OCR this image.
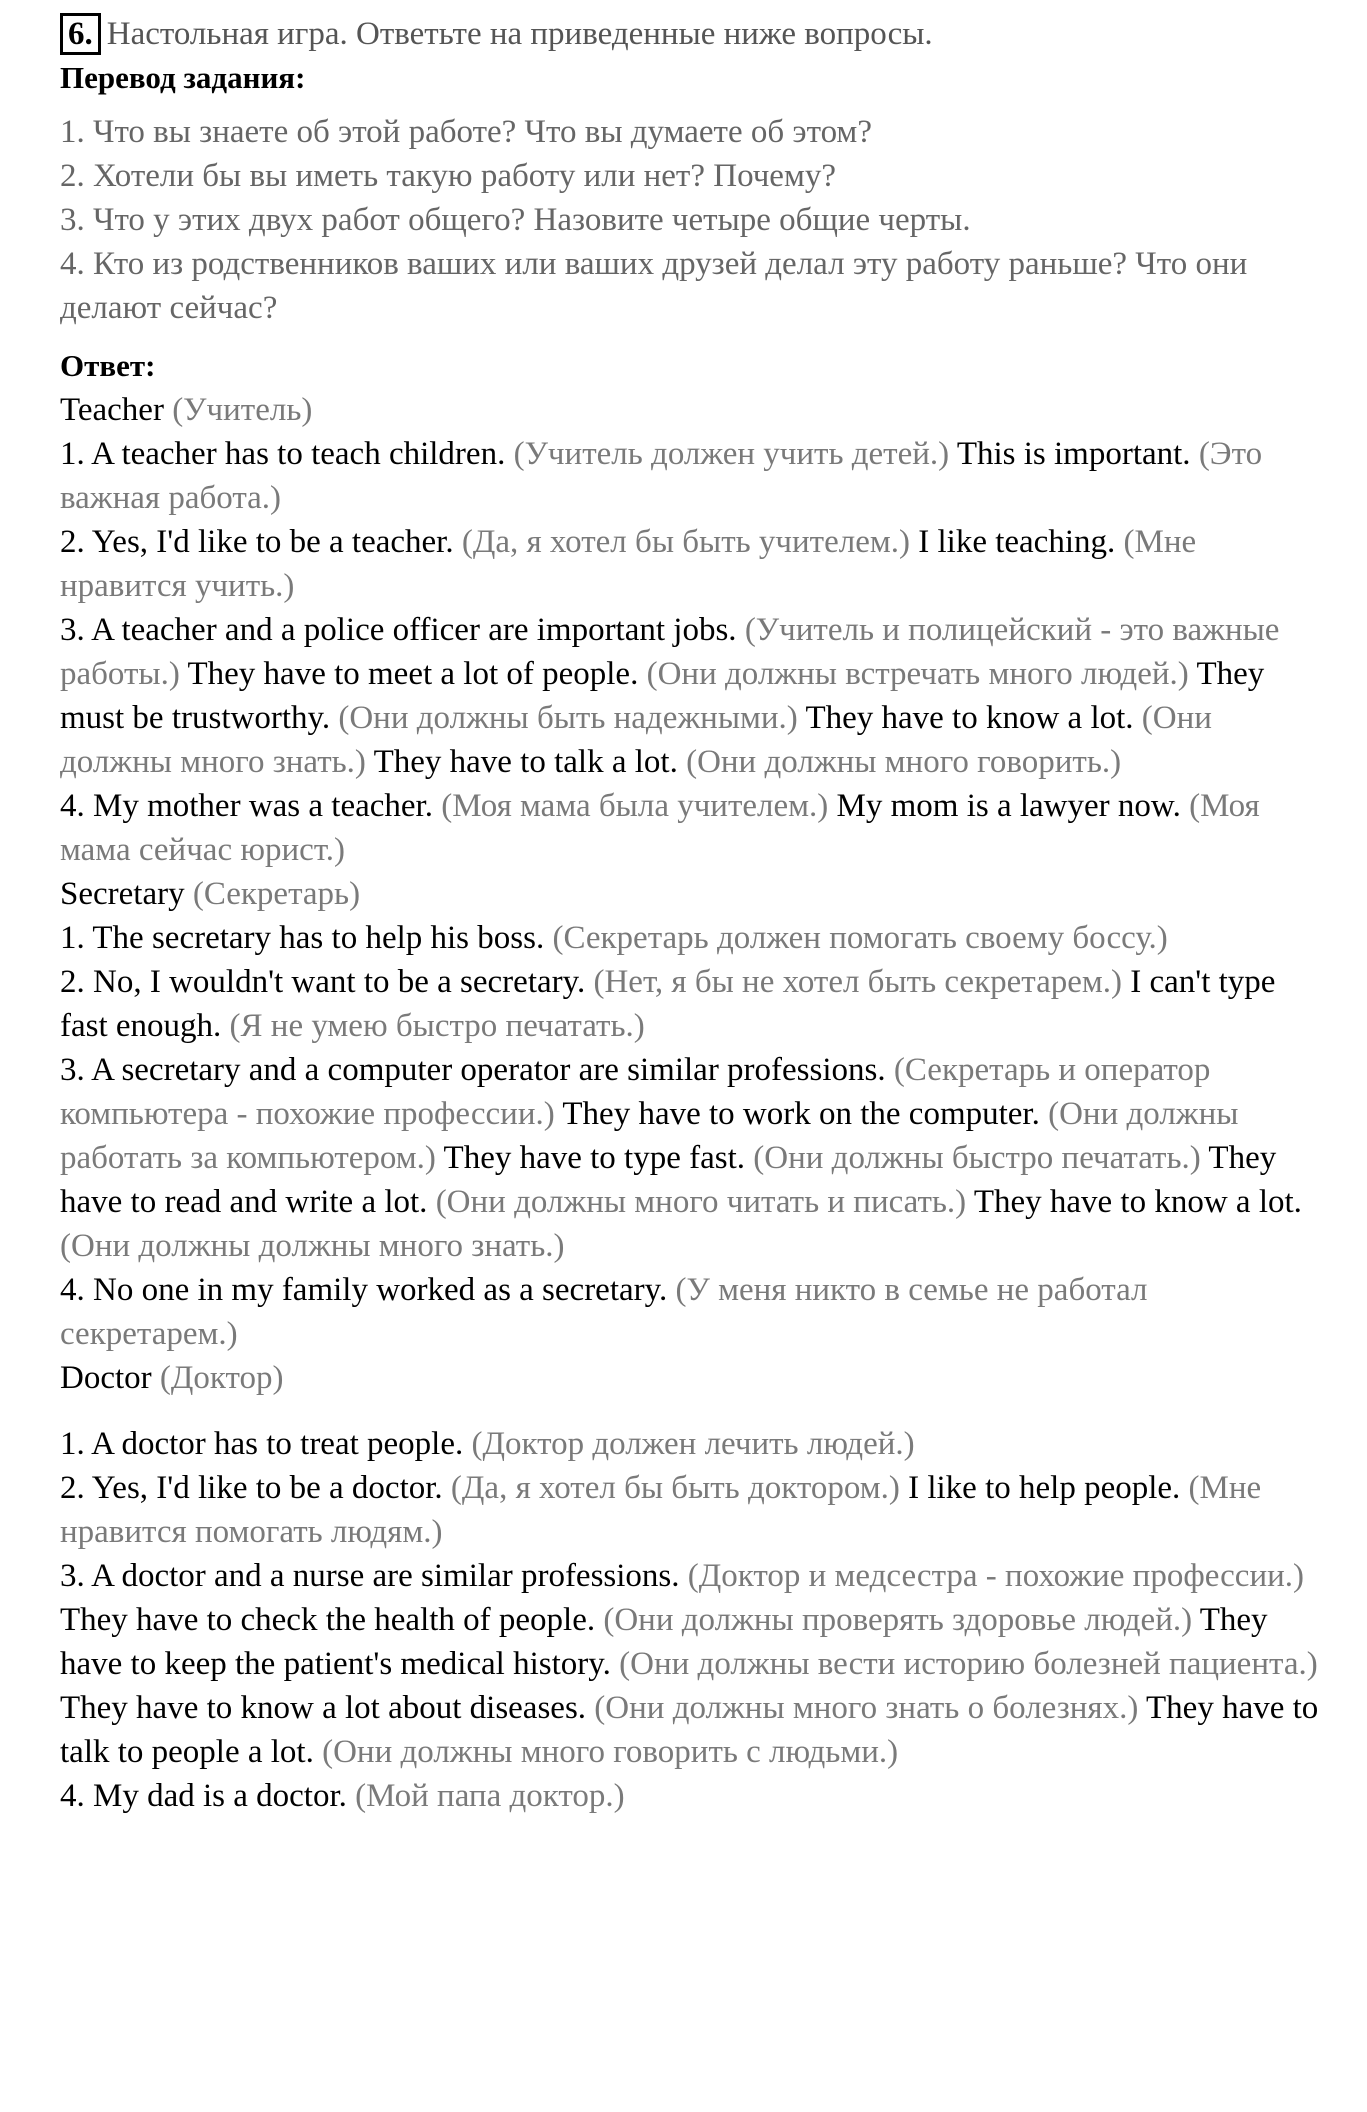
6. Настольная игра. Ответьте на приведенные ниже вопросы.
Перевод задания:
1. Что вы знаете об этой работе? Что вы думаете об этом?
2. Хотели бы вы иметь такую работу или нет? Почему?
3. Что у этих двух работ общего? Назовите четыре общие черты.
4. Кто из родственников ваших или ваших друзей делал эту работу раньше? Что они делают сейчас?
Ответ:

Teacher (Учитель)

1. A teacher has to teach children. (Учитель должен учить детей.) This is important. (Это важная работа.)

2. Yes, I'd like to be a teacher. (Да, я хотел бы быть учителем.) I like teaching. (Мне нравится учить.)

3. A teacher and a police officer are important jobs. (Учитель и полицейский - это важные работы.) They have to meet a lot of people. (Они должны встречать много людей.) They must be trustworthy. (Они должны быть надежными.) They have to know a lot. (Они должны много знать.) They have to talk a lot. (Они должны много говорить.)

4. My mother was a teacher. (Моя мама была учителем.) My mom is a lawyer now. (Моя мама сейчас юрист.)

Secretary (Секретарь)

1. The secretary has to help his boss. (Секретарь должен помогать своему боссу.)

2. No, I wouldn't want to be a secretary. (Нет, я бы не хотел быть секретарем.) I can't type fast enough. (Я не умею быстро печатать.)

3. A secretary and a computer operator are similar professions. (Секретарь и оператор компьютера - похожие профессии.) They have to work on the computer. (Они должны работать за компьютером.) They have to type fast. (Они должны быстро печатать.) They have to read and write a lot. (Они должны много читать и писать.) They have to know a lot. (Они должны должны много знать.)

4. No one in my family worked as a secretary. (У меня никто в семье не работал секретарем.)

Doctor (Доктор)

1. A doctor has to treat people. (Доктор должен лечить людей.)

2. Yes, I'd like to be a doctor. (Да, я хотел бы быть доктором.) I like to help people. (Мне нравится помогать людям.)

3. A doctor and a nurse are similar professions. (Доктор и медсестра - похожие профессии.) They have to check the health of people. (Они должны проверять здоровье людей.) They have to keep the patient's medical history. (Они должны вести историю болезней пациента.) They have to know a lot about diseases. (Они должны много знать о болезнях.) They have to talk to people a lot. (Они должны много говорить с людьми.)

4. My dad is a doctor. (Мой папа доктор.)
